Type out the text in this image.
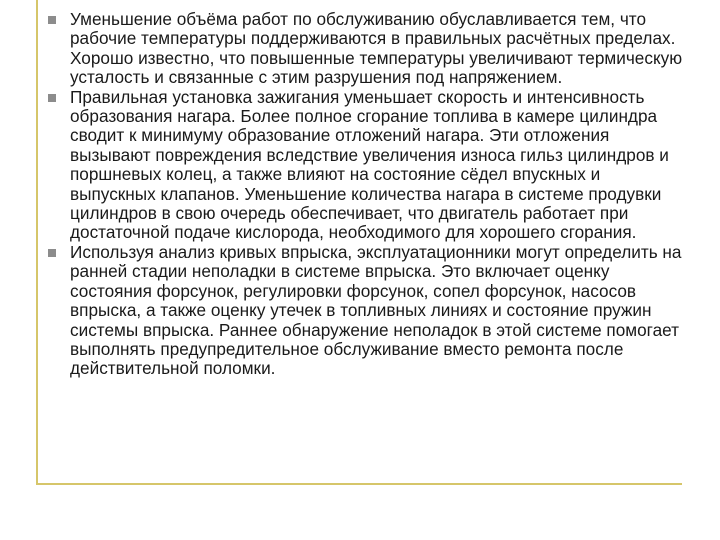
Уменьшение объёма работ по обслуживанию обуславливается тем, что рабочие температуры поддерживаются в правильных расчётных пределах. Хорошо известно, что повышенные температуры увеличивают термическую усталость и связанные с этим разрушения под напряжением.
Правильная установка зажигания уменьшает скорость и интенсивность образования нагара. Более полное сгорание топлива в камере цилиндра сводит к минимуму образование отложений нагара. Эти отложения вызывают повреждения вследствие увеличения износа гильз цилиндров и поршневых колец, а также влияют на состояние сёдел впускных и выпускных клапанов. Уменьшение количества нагара в системе продувки цилиндров в свою очередь обеспечивает, что двигатель работает при достаточной подаче кислорода, необходимого для хорошего сгорания.
Используя анализ кривых впрыска, эксплуатационники могут определить на ранней стадии неполадки в системе впрыска. Это включает оценку состояния форсунок, регулировки форсунок, сопел форсунок, насосов впрыска, а также оценку утечек в топливных линиях и состояние пружин системы впрыска. Раннее обнаружение неполадок в этой системе помогает выполнять предупредительное обслуживание вместо ремонта после действительной поломки.
